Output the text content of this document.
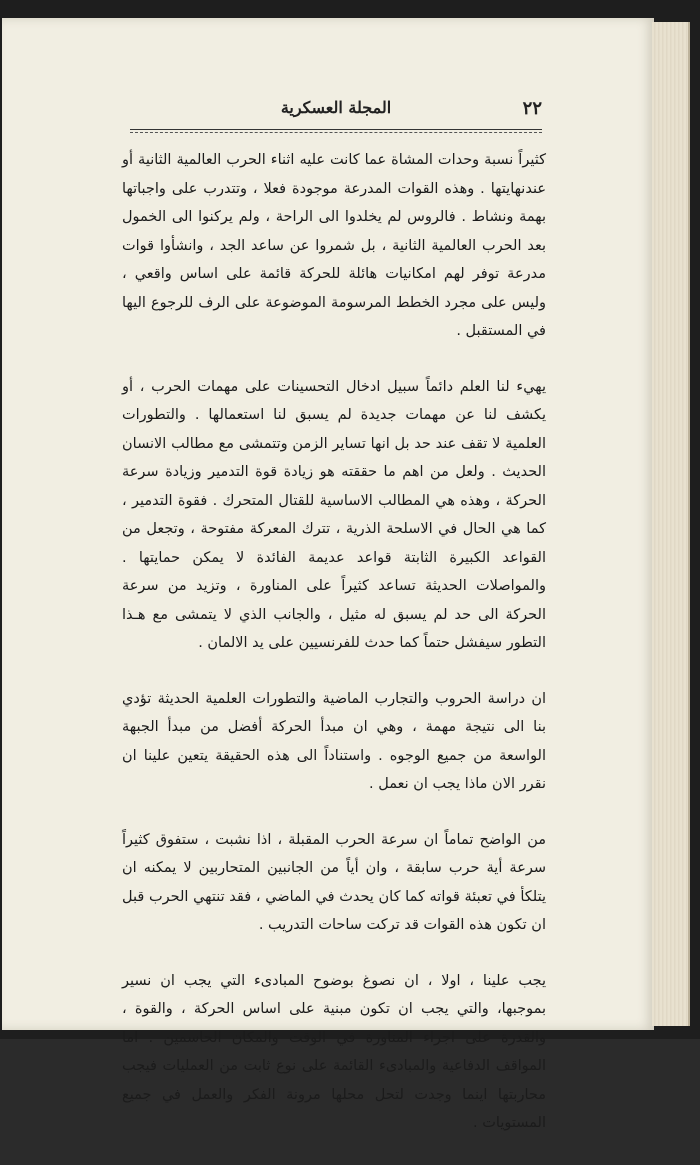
٢٢
المجلة العسكرية

كثيراً نسبة وحدات المشاة عما كانت عليه اثناء الحرب العالمية الثانية أو عندنهايتها . وهذه القوات المدرعة موجودة فعلا ، وتتدرب على واجباتها بهمة ونشاط . فالروس لم يخلدوا الى الراحة ، ولم يركنوا الى الخمول بعد الحرب العالمية الثانية ، بل شمروا عن ساعد الجد ، وانشأوا قوات مدرعة توفر لهم امكانيات هائلة للحركة قائمة على اساس واقعي ، وليس على مجرد الخطط المرسومة الموضوعة على الرف للرجوع اليها في المستقبل .

يهيء لنا العلم دائماً سبيل ادخال التحسينات على مهمات الحرب ، أو يكشف لنا عن مهمات جديدة لم يسبق لنا استعمالها . والتطورات العلمية لا تقف عند حد بل انها تساير الزمن وتتمشى مع مطالب الانسان الحديث . ولعل من اهم ما حققته هو زيادة قوة التدمير وزيادة سرعة الحركة ، وهذه هي المطالب الاساسية للقتال المتحرك . فقوة التدمير ، كما هي الحال في الاسلحة الذرية ، تترك المعركة مفتوحة ، وتجعل من القواعد الكبيرة الثابتة قواعد عديمة الفائدة لا يمكن حمايتها . والمواصلات الحديثة تساعد كثيراً على المناورة ، وتزيد من سرعة الحركة الى حد لم يسبق له مثيل ، والجانب الذي لا يتمشى مع هـذا التطور سيفشل حتماً كما حدث للفرنسيين على يد الالمان .

ان دراسة الحروب والتجارب الماضية والتطورات العلمية الحديثة تؤدي بنا الى نتيجة مهمة ، وهي ان مبدأ الحركة أفضل من مبدأ الجبهة الواسعة من جميع الوجوه . واستناداً الى هذه الحقيقة يتعين علينا ان نقرر الان ماذا يجب ان نعمل .

من الواضح تماماً ان سرعة الحرب المقبلة ، اذا نشبت ، ستفوق كثيراً سرعة أية حرب سابقة ، وان أياً من الجانبين المتحاربين لا يمكنه ان يتلكأ في تعبئة قواته كما كان يحدث في الماضي ، فقد تنتهي الحرب قبل ان تكون هذه القوات قد تركت ساحات التدريب .

يجب علينا ، اولا ، ان نصوغ بوضوح المبادىء التي يجب ان نسير بموجبها، والتي يجب ان تكون مبنية على اساس الحركة ، والقوة ، والقدرة على اجراء المناورة في الوقت والمكان الحاسمين . اما المواقف الدفاعية والمبادىء القائمة على نوع ثابت من العمليات فيجب محاربتها اينما وجدت لتحل محلها مرونة الفكر والعمل في جميع المستويات .
